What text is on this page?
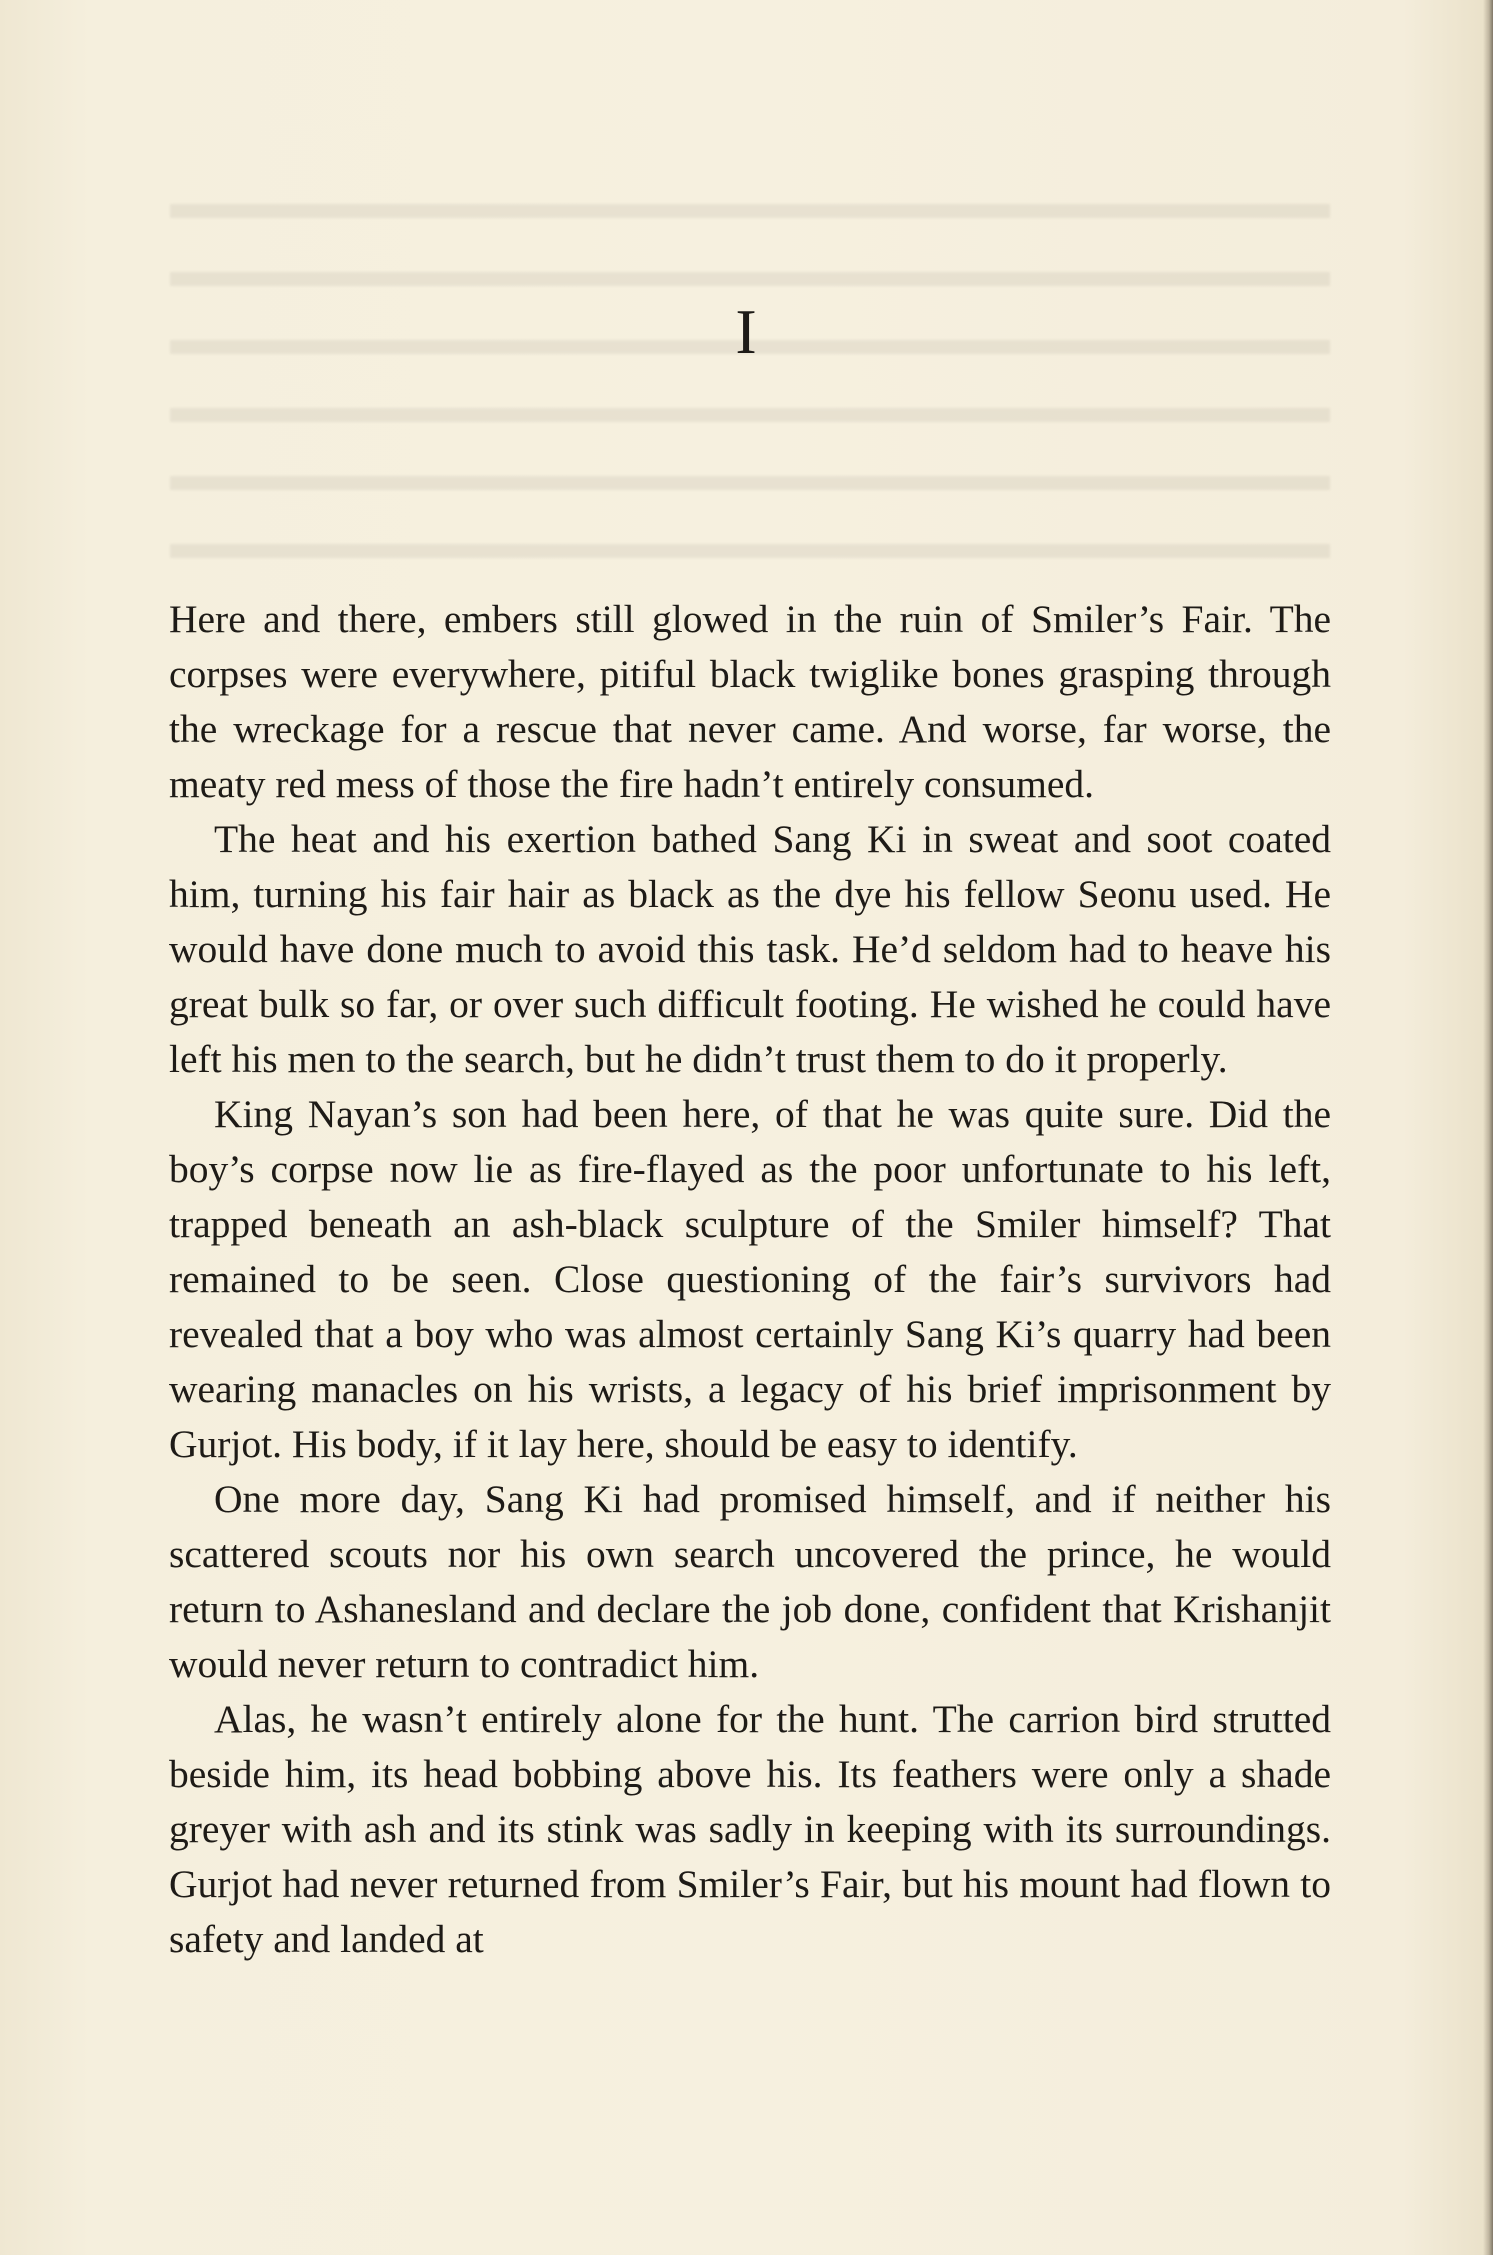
I

Here and there, embers still glowed in the ruin of Smiler’s Fair. The corpses were everywhere, pitiful black twiglike bones grasping through the wreckage for a rescue that never came. And worse, far worse, the meaty red mess of those the fire hadn’t entirely consumed.

The heat and his exertion bathed Sang Ki in sweat and soot coated him, turning his fair hair as black as the dye his fellow Seonu used. He would have done much to avoid this task. He’d seldom had to heave his great bulk so far, or over such difficult footing. He wished he could have left his men to the search, but he didn’t trust them to do it properly.

King Nayan’s son had been here, of that he was quite sure. Did the boy’s corpse now lie as fire-flayed as the poor unfortunate to his left, trapped beneath an ash-black sculpture of the Smiler himself? That remained to be seen. Close questioning of the fair’s survivors had revealed that a boy who was almost certainly Sang Ki’s quarry had been wearing manacles on his wrists, a legacy of his brief imprisonment by Gurjot. His body, if it lay here, should be easy to identify.

One more day, Sang Ki had promised himself, and if neither his scattered scouts nor his own search uncovered the prince, he would return to Ashanesland and declare the job done, confident that Krishanjit would never return to contradict him.

Alas, he wasn’t entirely alone for the hunt. The carrion bird strutted beside him, its head bobbing above his. Its feathers were only a shade greyer with ash and its stink was sadly in keeping with its surroundings. Gurjot had never returned from Smiler’s Fair, but his mount had flown to safety and landed at
